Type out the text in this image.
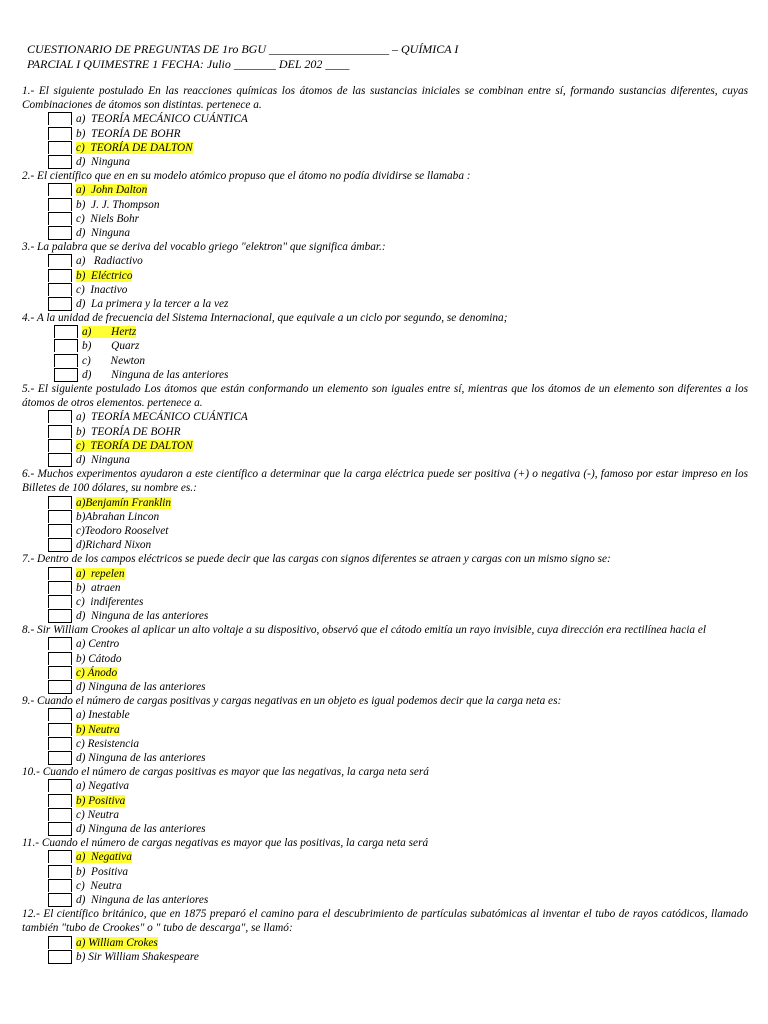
CUESTIONARIO DE PREGUNTAS DE 1ro BGU ____________________ – QUÍMICA I
PARCIAL I QUIMESTRE 1 FECHA: Julio _______ DEL 202 ____
1.- El siguiente postulado En las reacciones químicas los átomos de las sustancias iniciales se combinan entre sí, formando sustancias diferentes, cuyas Combinaciones de átomos son distintas. pertenece a.
a)  TEORÍA MECÁNICO CUÁNTICA
b)  TEORÍA DE BOHR
c)  TEORÍA DE DALTON
d)  Ninguna
2.- El científico que en en su modelo atómico propuso que el átomo no podía dividirse se llamaba :
a)  John Dalton
b)  J. J. Thompson
c)  Niels Bohr
d)  Ninguna
3.- La palabra que se deriva del vocablo griego "elektron" que significa ámbar.:
a)   Radiactivo
b)  Eléctrico
c)  Inactivo
d)  La primera y la tercer a la vez
4.- A la unidad de frecuencia del Sistema Internacional, que equivale a un ciclo por segundo, se denomina;
a)       Hertz
b)       Quarz
c)       Newton
d)       Ninguna de las anteriores
5.- El siguiente postulado Los átomos que están conformando un elemento son iguales entre sí, mientras que los átomos de un elemento son diferentes a los átomos de otros elementos. pertenece a.
a)  TEORÍA MECÁNICO CUÁNTICA
b)  TEORÍA DE BOHR
c)  TEORÍA DE DALTON
d)  Ninguna
6.- Muchos experimentos ayudaron a este científico a determinar que la carga eléctrica puede ser positiva (+) o negativa (-), famoso por estar impreso en los Billetes de 100 dólares, su nombre es.:
a)Benjamín Franklin
b)Abrahan Lincon
c)Teodoro Rooselvet
d)Richard Nixon
7.- Dentro de los campos eléctricos se puede decir que las cargas con signos diferentes se atraen y cargas con un mismo signo se:
a)  repelen
b)  atraen
c)  indiferentes
d)  Ninguna de las anteriores
8.- Sir William Crookes al aplicar un alto voltaje a su dispositivo, observó que el cátodo emitía un rayo invisible, cuya dirección era rectilínea hacia el
a) Centro
b) Cátodo
c) Ánodo
d) Ninguna de las anteriores
9.- Cuando el número de cargas positivas y cargas negativas en un objeto es igual podemos decir que la carga neta es:
a) Inestable
b) Neutra
c) Resistencia
d) Ninguna de las anteriores
10.- Cuando el número de cargas positivas es mayor que las negativas, la carga neta será
a) Negativa
b) Positiva
c) Neutra
d) Ninguna de las anteriores
11.- Cuando el número de cargas negativas es mayor que las positivas, la carga neta será
a)  Negativa
b)  Positiva
c)  Neutra
d)  Ninguna de las anteriores
12.- El científico británico, que en 1875 preparó el camino para el descubrimiento de partículas subatómicas al inventar el tubo de rayos catódicos, llamado también "tubo de Crookes" o " tubo de descarga", se llamó:
a) William Crokes
b) Sir William Shakespeare
